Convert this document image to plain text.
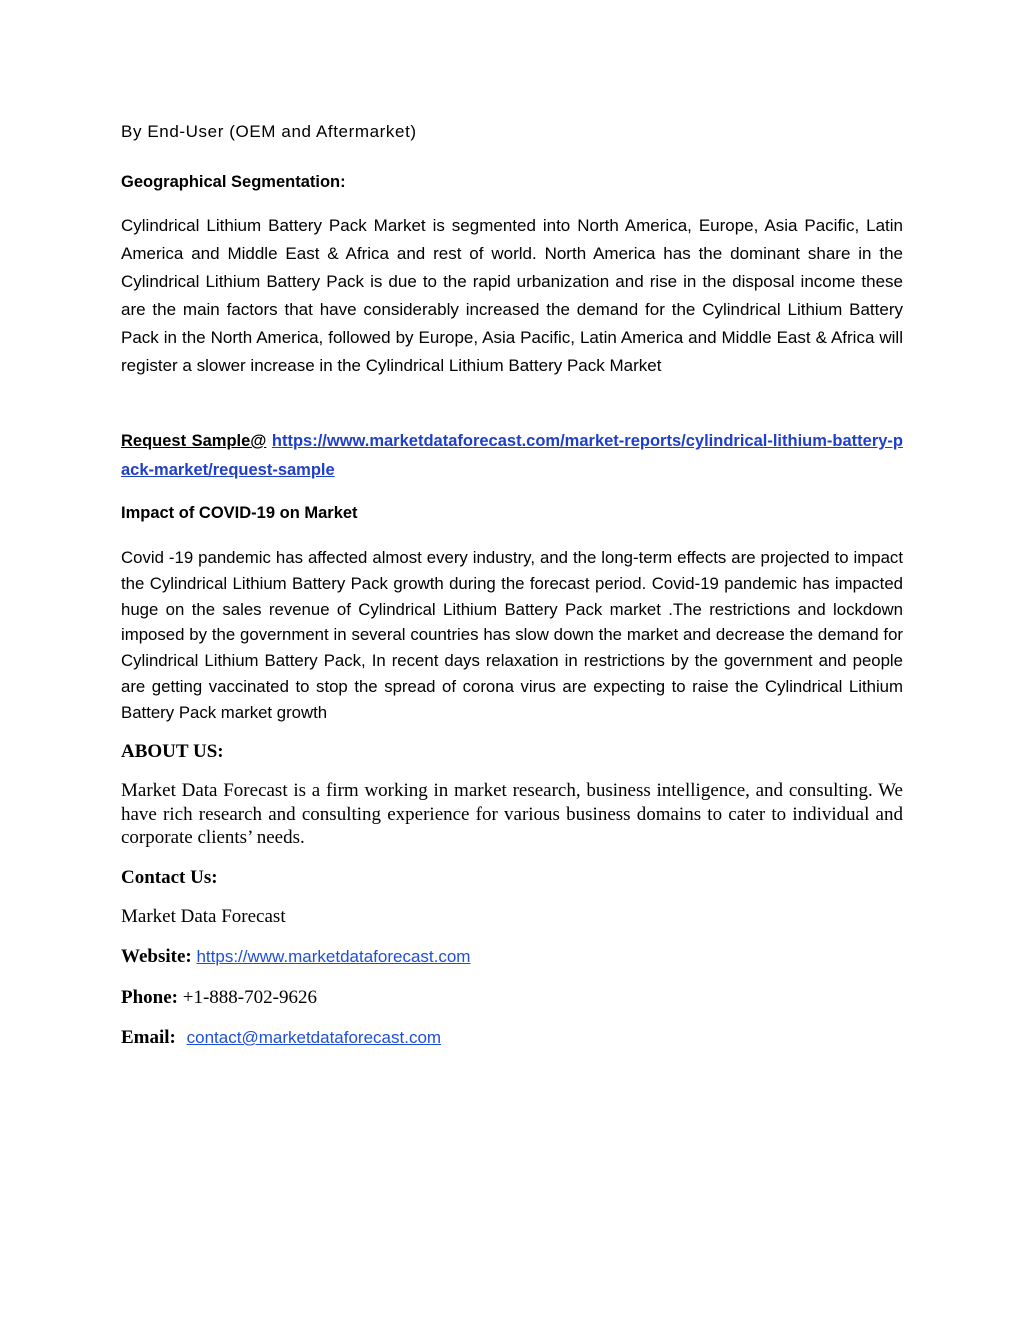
By End-User (OEM and Aftermarket)

Geographical Segmentation:

Cylindrical Lithium Battery Pack Market is segmented into North America, Europe, Asia Pacific, Latin America and Middle East & Africa and rest of world. North America has the dominant share in the Cylindrical Lithium Battery Pack is due to the rapid urbanization and rise in the disposal income these are the main factors that have considerably increased the demand for the Cylindrical Lithium Battery Pack in the North America, followed by Europe, Asia Pacific, Latin America and Middle East & Africa will register a slower increase in the Cylindrical Lithium Battery Pack Market

Request Sample@ https://www.marketdataforecast.com/market-reports/cylindrical-lithium-battery-pack-market/request-sample

Impact of COVID-19 on Market

Covid -19 pandemic has affected almost every industry, and the long-term effects are projected to impact the Cylindrical Lithium Battery Pack growth during the forecast period. Covid-19 pandemic has impacted huge on the sales revenue of Cylindrical Lithium Battery Pack market .The restrictions and lockdown imposed by the government in several countries has slow down the market and decrease the demand for Cylindrical Lithium Battery Pack, In recent days relaxation in restrictions by the government and people are getting vaccinated to stop the spread of corona virus are expecting to raise the Cylindrical Lithium Battery Pack market growth

ABOUT US:

Market Data Forecast is a firm working in market research, business intelligence, and consulting. We have rich research and consulting experience for various business domains to cater to individual and corporate clients’ needs.

Contact Us:

Market Data Forecast

Website: https://www.marketdataforecast.com

Phone: +1-888-702-9626

Email: contact@marketdataforecast.com
